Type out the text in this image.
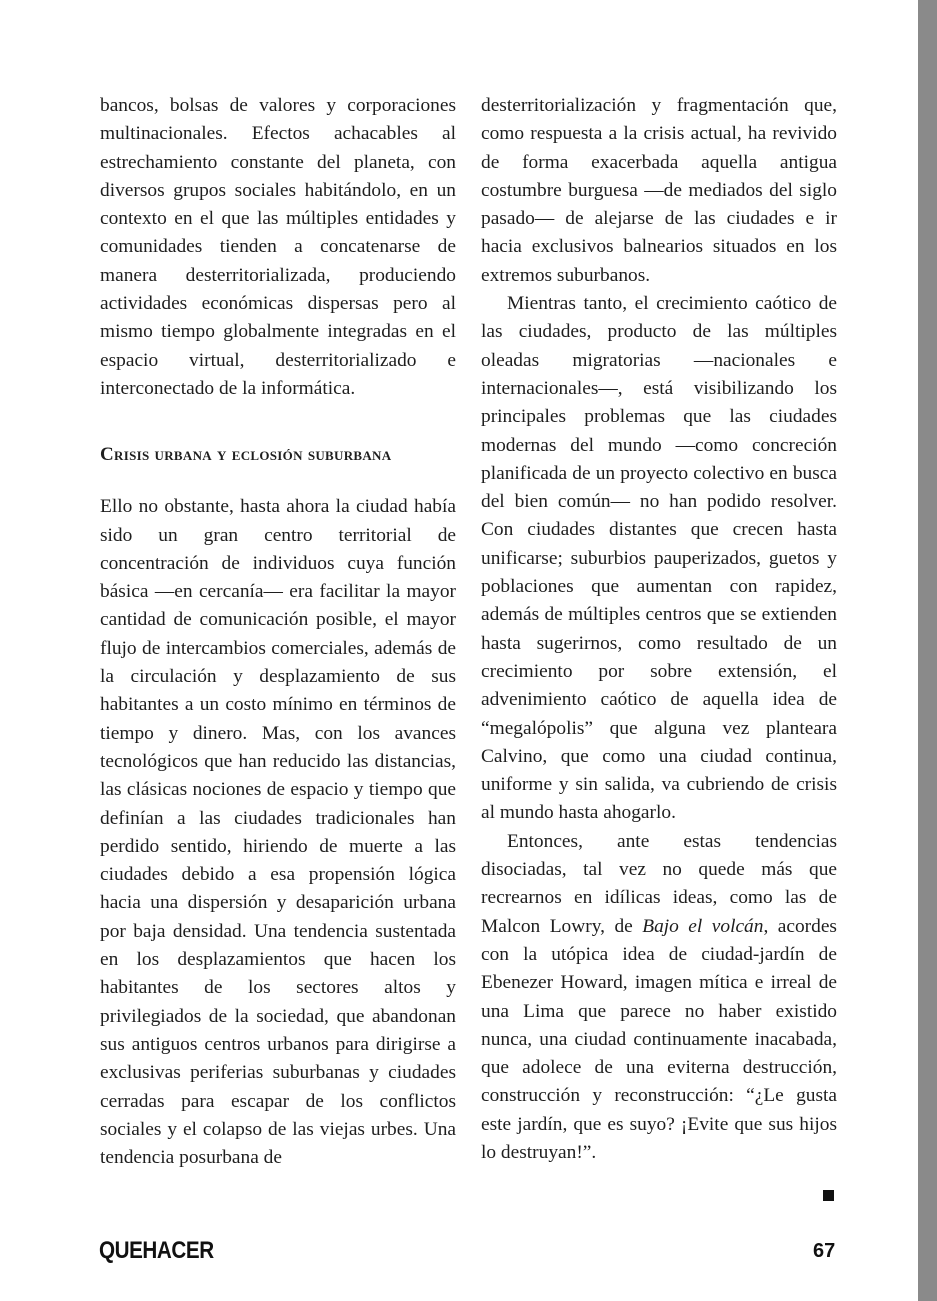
bancos, bolsas de valores y corporaciones multinacionales. Efectos achacables al estrechamiento constante del planeta, con diversos grupos sociales habitándolo, en un contexto en el que las múltiples entidades y comunidades tienden a concatenarse de manera desterritorializada, produciendo actividades económicas dispersas pero al mismo tiempo globalmente integradas en el espacio virtual, desterritorializado e interconectado de la informática.

Crisis urbana y eclosión suburbana

Ello no obstante, hasta ahora la ciudad había sido un gran centro territorial de concentración de individuos cuya función básica —en cercanía— era facilitar la mayor cantidad de comunicación posible, el mayor flujo de intercambios comerciales, además de la circulación y desplazamiento de sus habitantes a un costo mínimo en términos de tiempo y dinero. Mas, con los avances tecnológicos que han reducido las distancias, las clásicas nociones de espacio y tiempo que definían a las ciudades tradicionales han perdido sentido, hiriendo de muerte a las ciudades debido a esa propensión lógica hacia una dispersión y desaparición urbana por baja densidad. Una tendencia sustentada en los desplazamientos que hacen los habitantes de los sectores altos y privilegiados de la sociedad, que abandonan sus antiguos centros urbanos para dirigirse a exclusivas periferias suburbanas y ciudades cerradas para escapar de los conflictos sociales y el colapso de las viejas urbes. Una tendencia posurbana de

desterritorialización y fragmentación que, como respuesta a la crisis actual, ha revivido de forma exacerbada aquella antigua costumbre burguesa —de mediados del siglo pasado— de alejarse de las ciudades e ir hacia exclusivos balnearios situados en los extremos suburbanos.

Mientras tanto, el crecimiento caótico de las ciudades, producto de las múltiples oleadas migratorias —nacionales e internacionales—, está visibilizando los principales problemas que las ciudades modernas del mundo —como concreción planificada de un proyecto colectivo en busca del bien común— no han podido resolver. Con ciudades distantes que crecen hasta unificarse; suburbios pauperizados, guetos y poblaciones que aumentan con rapidez, además de múltiples centros que se extienden hasta sugerirnos, como resultado de un crecimiento por sobre extensión, el advenimiento caótico de aquella idea de “megalópolis” que alguna vez planteara Calvino, que como una ciudad continua, uniforme y sin salida, va cubriendo de crisis al mundo hasta ahogarlo.

Entonces, ante estas tendencias disociadas, tal vez no quede más que recrearnos en idílicas ideas, como las de Malcon Lowry, de Bajo el volcán, acordes con la utópica idea de ciudad-jardín de Ebenezer Howard, imagen mítica e irreal de una Lima que parece no haber existido nunca, una ciudad continuamente inacabada, que adolece de una eviterna destrucción, construcción y reconstrucción: “¿Le gusta este jardín, que es suyo? ¡Evite que sus hijos lo destruyan!”.

QUEHACER	67
